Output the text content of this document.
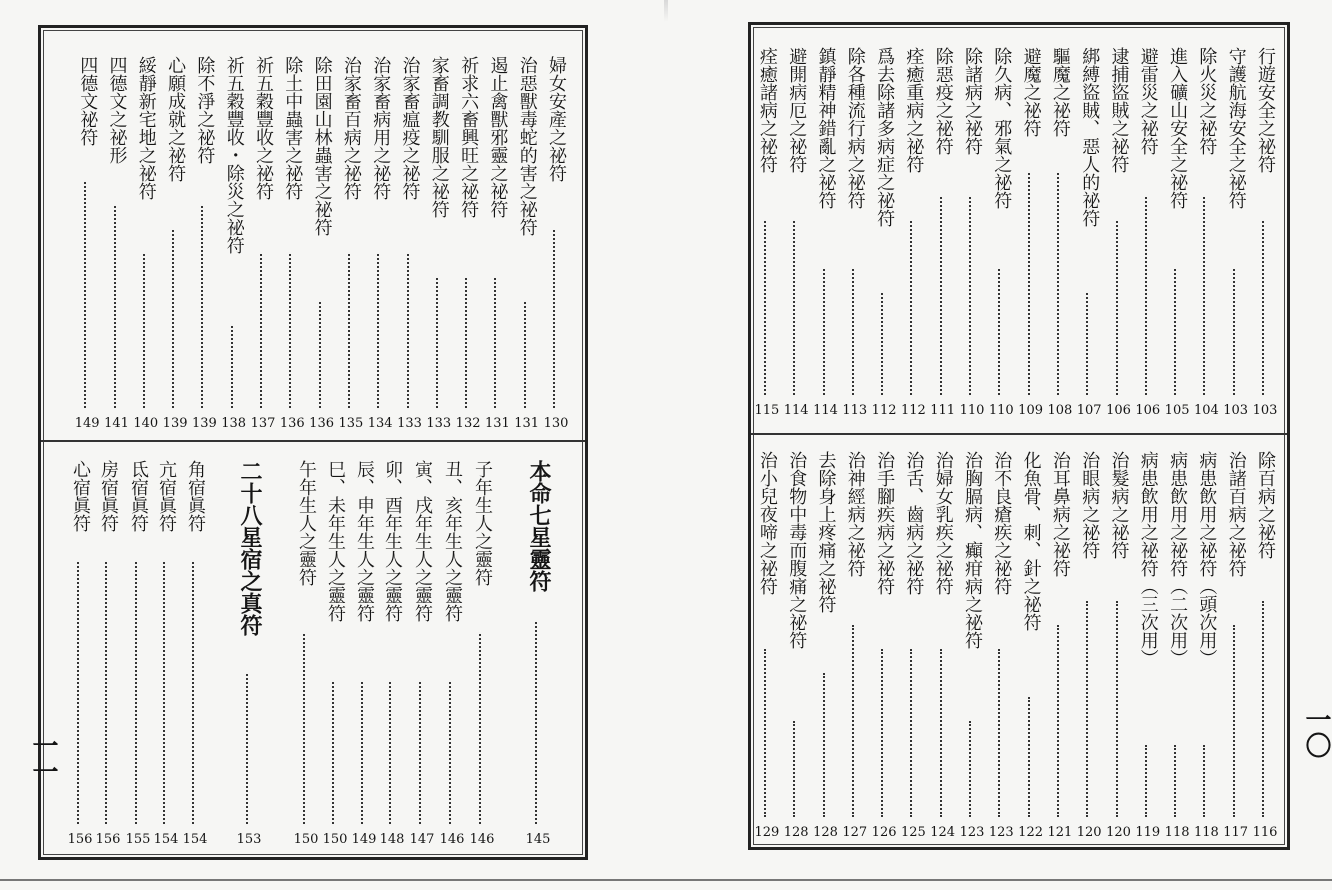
婦女安產之祕符
130
治惡獸毒蛇的害之祕符
131
遏止禽獸邪靈之祕符
131
祈求六畜興旺之祕符
132
家畜調教馴服之祕符
133
治家畜瘟疫之祕符
133
治家畜病用之祕符
134
治家畜百病之祕符
135
除田園山林蟲害之祕符
136
除土中蟲害之祕符
136
祈五穀豐收之祕符
137
祈五穀豐收・除災之祕符
138
除不淨之祕符
139
心願成就之祕符
139
綏靜新宅地之祕符
140
四德文之祕形
141
四德文祕符
149
本命七星靈符
145
子年生人之靈符
146
丑、亥年生人之靈符
146
寅、戌年生人之靈符
147
卯、酉年生人之靈符
148
辰、申年生人之靈符
149
巳、未年生人之靈符
150
午年生人之靈符
150
二十八星宿之真符
153
角宿眞符
154
亢宿眞符
154
氐宿眞符
155
房宿眞符
156
心宿眞符
156
一一
行遊安全之祕符
103
守護航海安全之祕符
103
除火災之祕符
104
進入礦山安全之祕符
105
避雷災之祕符
106
逮捕盜賊之祕符
106
綁縛盜賊、惡人的祕符
107
驅魔之祕符
108
避魔之祕符
109
除久病、邪氣之祕符
110
除諸病之祕符
110
除惡疫之祕符
111
痊癒重病之祕符
112
爲去除諸多病症之祕符
112
除各種流行病之祕符
113
鎮靜精神錯亂之祕符
114
避開病厄之祕符
114
痊癒諸病之祕符
115
除百病之祕符
116
治諸百病之祕符
117
病患飲用之祕符（頭次用）
118
病患飲用之祕符（二次用）
118
病患飲用之祕符（三次用）
119
治髮病之祕符
120
治眼病之祕符
120
治耳鼻病之祕符
121
化魚骨、刺、針之祕符
122
治不良瘡疾之祕符
123
治胸膈病、癲疳病之祕符
123
治婦女乳疾之祕符
124
治舌、齒病之祕符
125
治手腳疾病之祕符
126
治神經病之祕符
127
去除身上疼痛之祕符
128
治食物中毒而腹痛之祕符
128
治小兒夜啼之祕符
129
一〇
